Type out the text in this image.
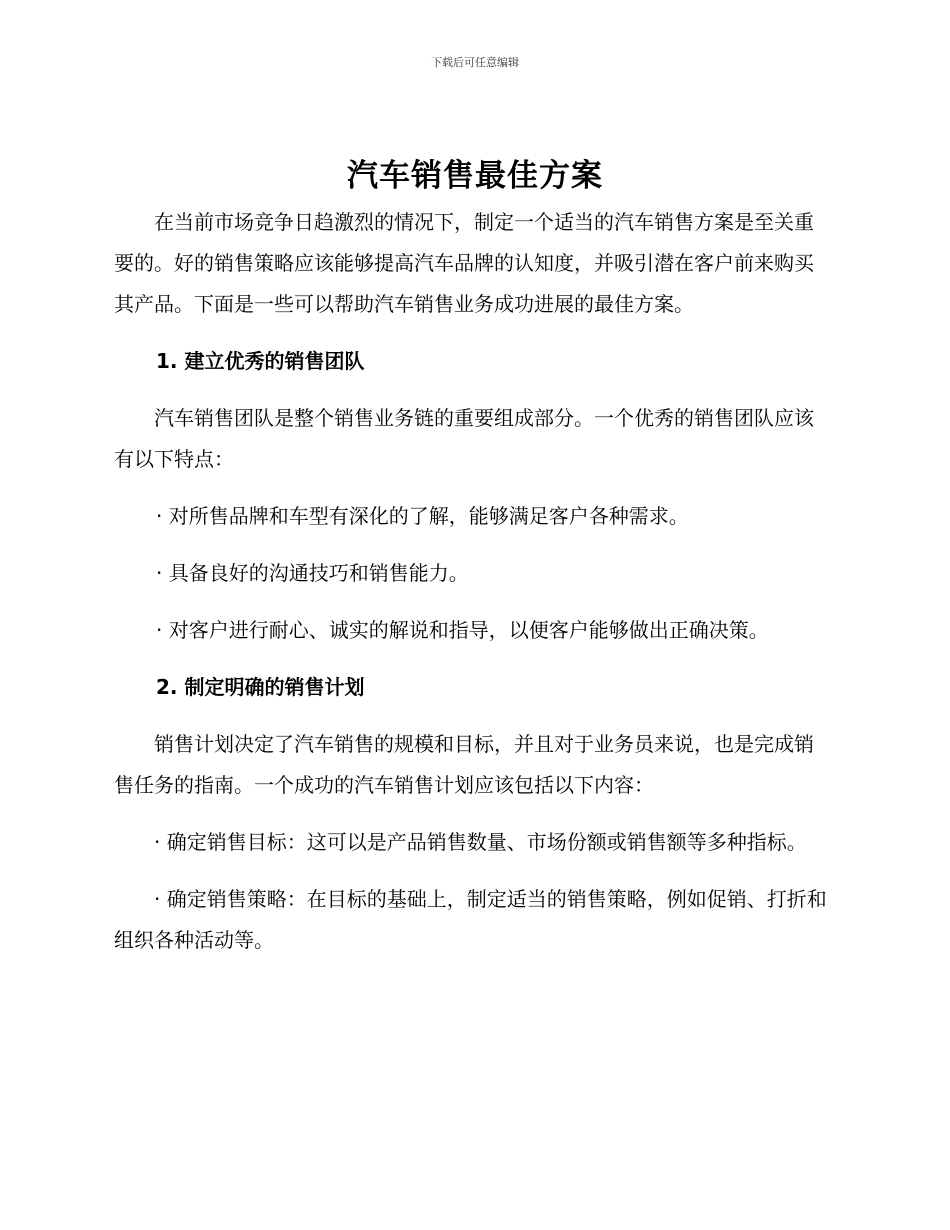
下载后可任意编辑
汽车销售最佳方案

在当前市场竞争日趋激烈的情况下，制定一个适当的汽车销售方案是至关重要的。好的销售策略应该能够提高汽车品牌的认知度，并吸引潜在客户前来购买其产品。下面是一些可以帮助汽车销售业务成功进展的最佳方案。

1. 建立优秀的销售团队

汽车销售团队是整个销售业务链的重要组成部分。一个优秀的销售团队应该有以下特点：

· 对所售品牌和车型有深化的了解，能够满足客户各种需求。

· 具备良好的沟通技巧和销售能力。

· 对客户进行耐心、诚实的解说和指导，以便客户能够做出正确决策。

2. 制定明确的销售计划

销售计划决定了汽车销售的规模和目标，并且对于业务员来说，也是完成销售任务的指南。一个成功的汽车销售计划应该包括以下内容：

· 确定销售目标：这可以是产品销售数量、市场份额或销售额等多种指标。

· 确定销售策略：在目标的基础上，制定适当的销售策略，例如促销、打折和组织各种活动等。
